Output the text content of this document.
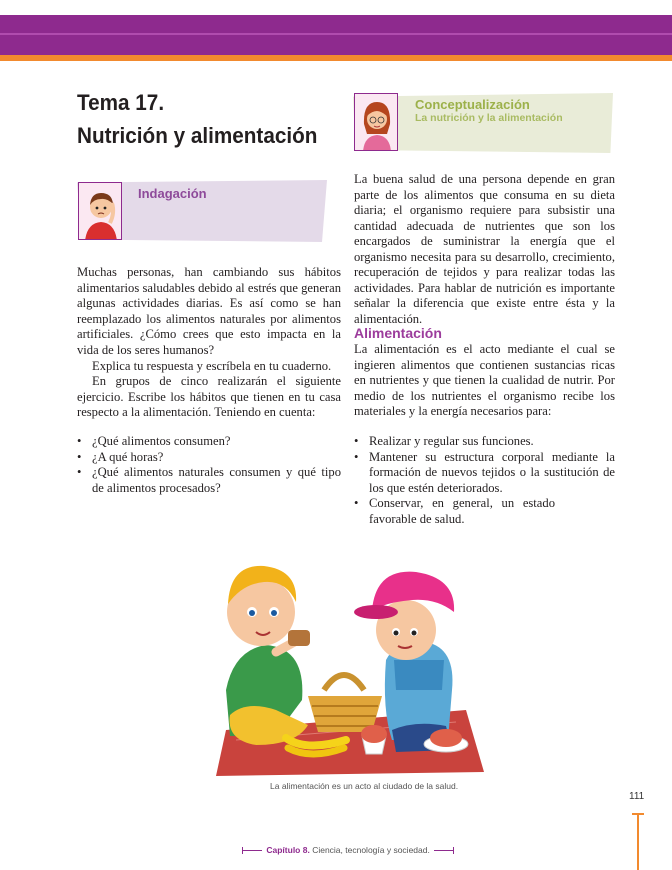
Tema 17.
Nutrición y alimentación
Indagación
Conceptualización
La nutrición y la alimentación

Muchas personas, han cambiando sus hábitos alimentarios saludables debido al estrés que generan algunas actividades diarias. Es así como se han reemplazado los alimentos naturales por alimentos artificiales. ¿Cómo crees que esto impacta en la vida de los seres humanos?

Explica tu respuesta y escríbela en tu cuaderno.

En grupos de cinco realizarán el siguiente ejercicio. Escribe los hábitos que tienen en tu casa respecto a la alimentación. Teniendo en cuenta:

• ¿Qué alimentos consumen?
• ¿A qué horas?
• ¿Qué alimentos naturales consumen y qué tipo de alimentos procesados?

La buena salud de una persona depende en gran parte de los alimentos que consuma en su dieta diaria; el organismo requiere para subsistir una cantidad adecuada de nutrientes que son los encargados de suministrar la energía que el organismo necesita para su desarrollo, crecimiento, recuperación de tejidos y para realizar todas las actividades. Para hablar de nutrición es importante señalar la diferencia que existe entre ésta y la alimentación.

Alimentación

La alimentación es el acto mediante el cual se ingieren alimentos que contienen sustancias ricas en nutrientes y que tienen la cualidad de nutrir. Por medio de los nutrientes el organismo recibe los materiales y la energía necesarios para:

• Realizar y regular sus funciones.
• Mantener su estructura corporal mediante la formación de nuevos tejidos o la sustitución de los que estén deteriorados.
• Conservar, en general, un estado favorable de salud.
La alimentación es un acto al ciudado de la salud.
111
Capítulo 8. Ciencia, tecnología y sociedad.
